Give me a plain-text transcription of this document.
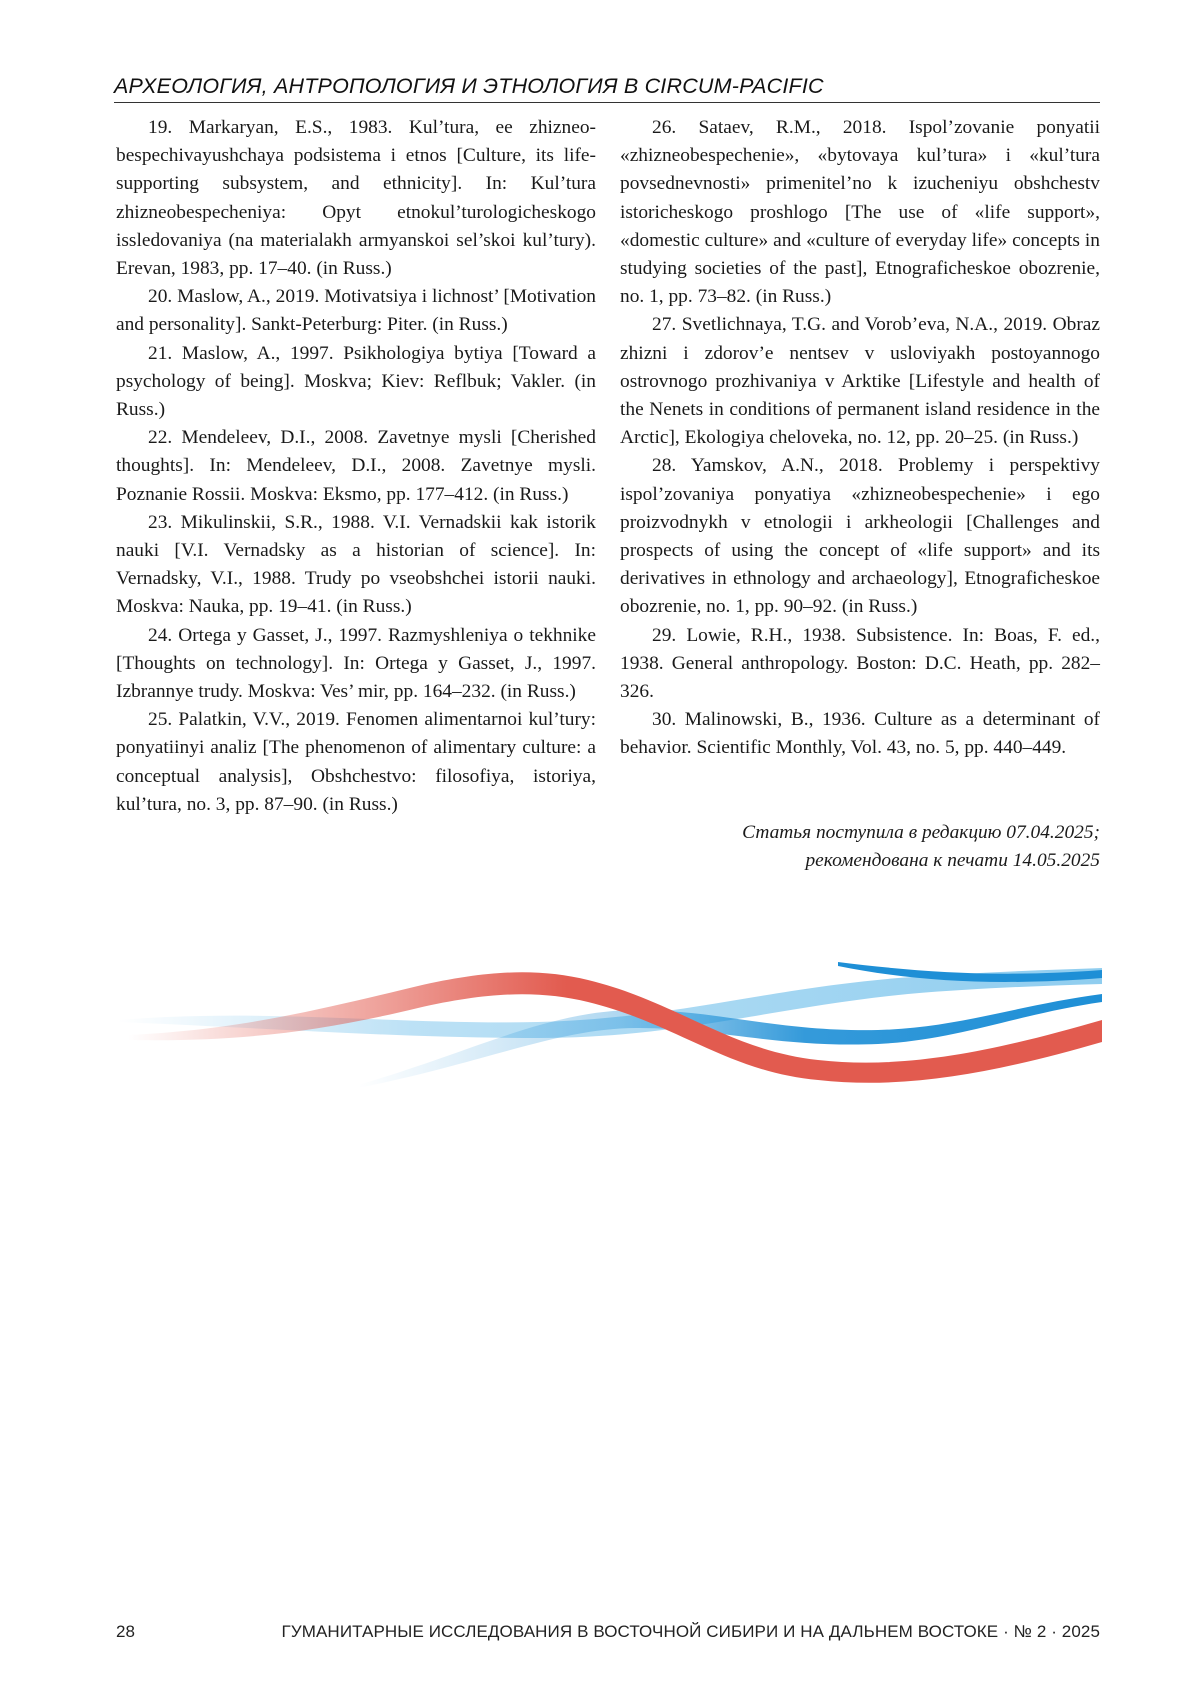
АРХЕОЛОГИЯ, АНТРОПОЛОГИЯ И ЭТНОЛОГИЯ В CIRCUM-PACIFIC

19. Markaryan, E.S., 1983. Kul’tura, ee zhizneobespechivayushchaya podsistema i etnos [Culture, its life-supporting subsystem, and ethnicity]. In: Kul’tura zhizneobespecheniya: Opyt etnokul’turologicheskogo issledovaniya (na materialakh armyanskoi sel’skoi kul’tury). Erevan, 1983, pp. 17–40. (in Russ.)

20. Maslow, A., 2019. Motivatsiya i lichnost’ [Motivation and personality]. Sankt-Peterburg: Piter. (in Russ.)

21. Maslow, A., 1997. Psikhologiya bytiya [Toward a psychology of being]. Moskva; Kiev: Reflbuk; Vakler. (in Russ.)

22. Mendeleev, D.I., 2008. Zavetnye mysli [Cherished thoughts]. In: Mendeleev, D.I., 2008. Zavetnye mysli. Poznanie Rossii. Moskva: Eksmo, pp. 177–412. (in Russ.)

23. Mikulinskii, S.R., 1988. V.I. Vernadskii kak istorik nauki [V.I. Vernadsky as a historian of science]. In: Vernadsky, V.I., 1988. Trudy po vseobshchei istorii nauki. Moskva: Nauka, pp. 19–41. (in Russ.)

24. Ortega y Gasset, J., 1997. Razmyshleniya o tekhnike [Thoughts on technology]. In: Ortega y Gasset, J., 1997. Izbrannye trudy. Moskva: Ves’ mir, pp. 164–232. (in Russ.)

25. Palatkin, V.V., 2019. Fenomen alimentarnoi kul’tury: ponyatiinyi analiz [The phenomenon of alimentary culture: a conceptual analysis], Obshchestvo: filosofiya, istoriya, kul’tura, no. 3, pp. 87–90. (in Russ.)

26. Sataev, R.M., 2018. Ispol’zovanie ponyatii «zhizneobespechenie», «bytovaya kul’tura» i «kul’tura povsednevnosti» primenitel’no k izucheniyu obshchestv istoricheskogo proshlogo [The use of «life support», «domestic culture» and «culture of everyday life» concepts in studying societies of the past], Etnograficheskoe obozrenie, no. 1, pp. 73–82. (in Russ.)

27. Svetlichnaya, T.G. and Vorob’eva, N.A., 2019. Obraz zhizni i zdorov’e nentsev v usloviyakh postoyannogo ostrovnogo prozhivaniya v Arktike [Lifestyle and health of the Nenets in conditions of permanent island residence in the Arctic], Ekologiya cheloveka, no. 12, pp. 20–25. (in Russ.)

28. Yamskov, A.N., 2018. Problemy i perspektivy ispol’zovaniya ponyatiya «zhizneobespechenie» i ego proizvodnykh v etnologii i arkheologii [Challenges and prospects of using the concept of «life support» and its derivatives in ethnology and archaeology], Etnograficheskoe obozrenie, no. 1, pp. 90–92. (in Russ.)

29. Lowie, R.H., 1938. Subsistence. In: Boas, F. ed., 1938. General anthropology. Boston: D.C. Heath, pp. 282–326.

30. Malinowski, B., 1936. Culture as a determinant of behavior. Scientific Monthly, Vol. 43, no. 5, pp. 440–449.

Статья поступила в редакцию 07.04.2025;
рекомендована к печати 14.05.2025
28	ГУМАНИТАРНЫЕ ИССЛЕДОВАНИЯ В ВОСТОЧНОЙ СИБИРИ И НА ДАЛЬНЕМ ВОСТОКЕ · № 2 · 2025
